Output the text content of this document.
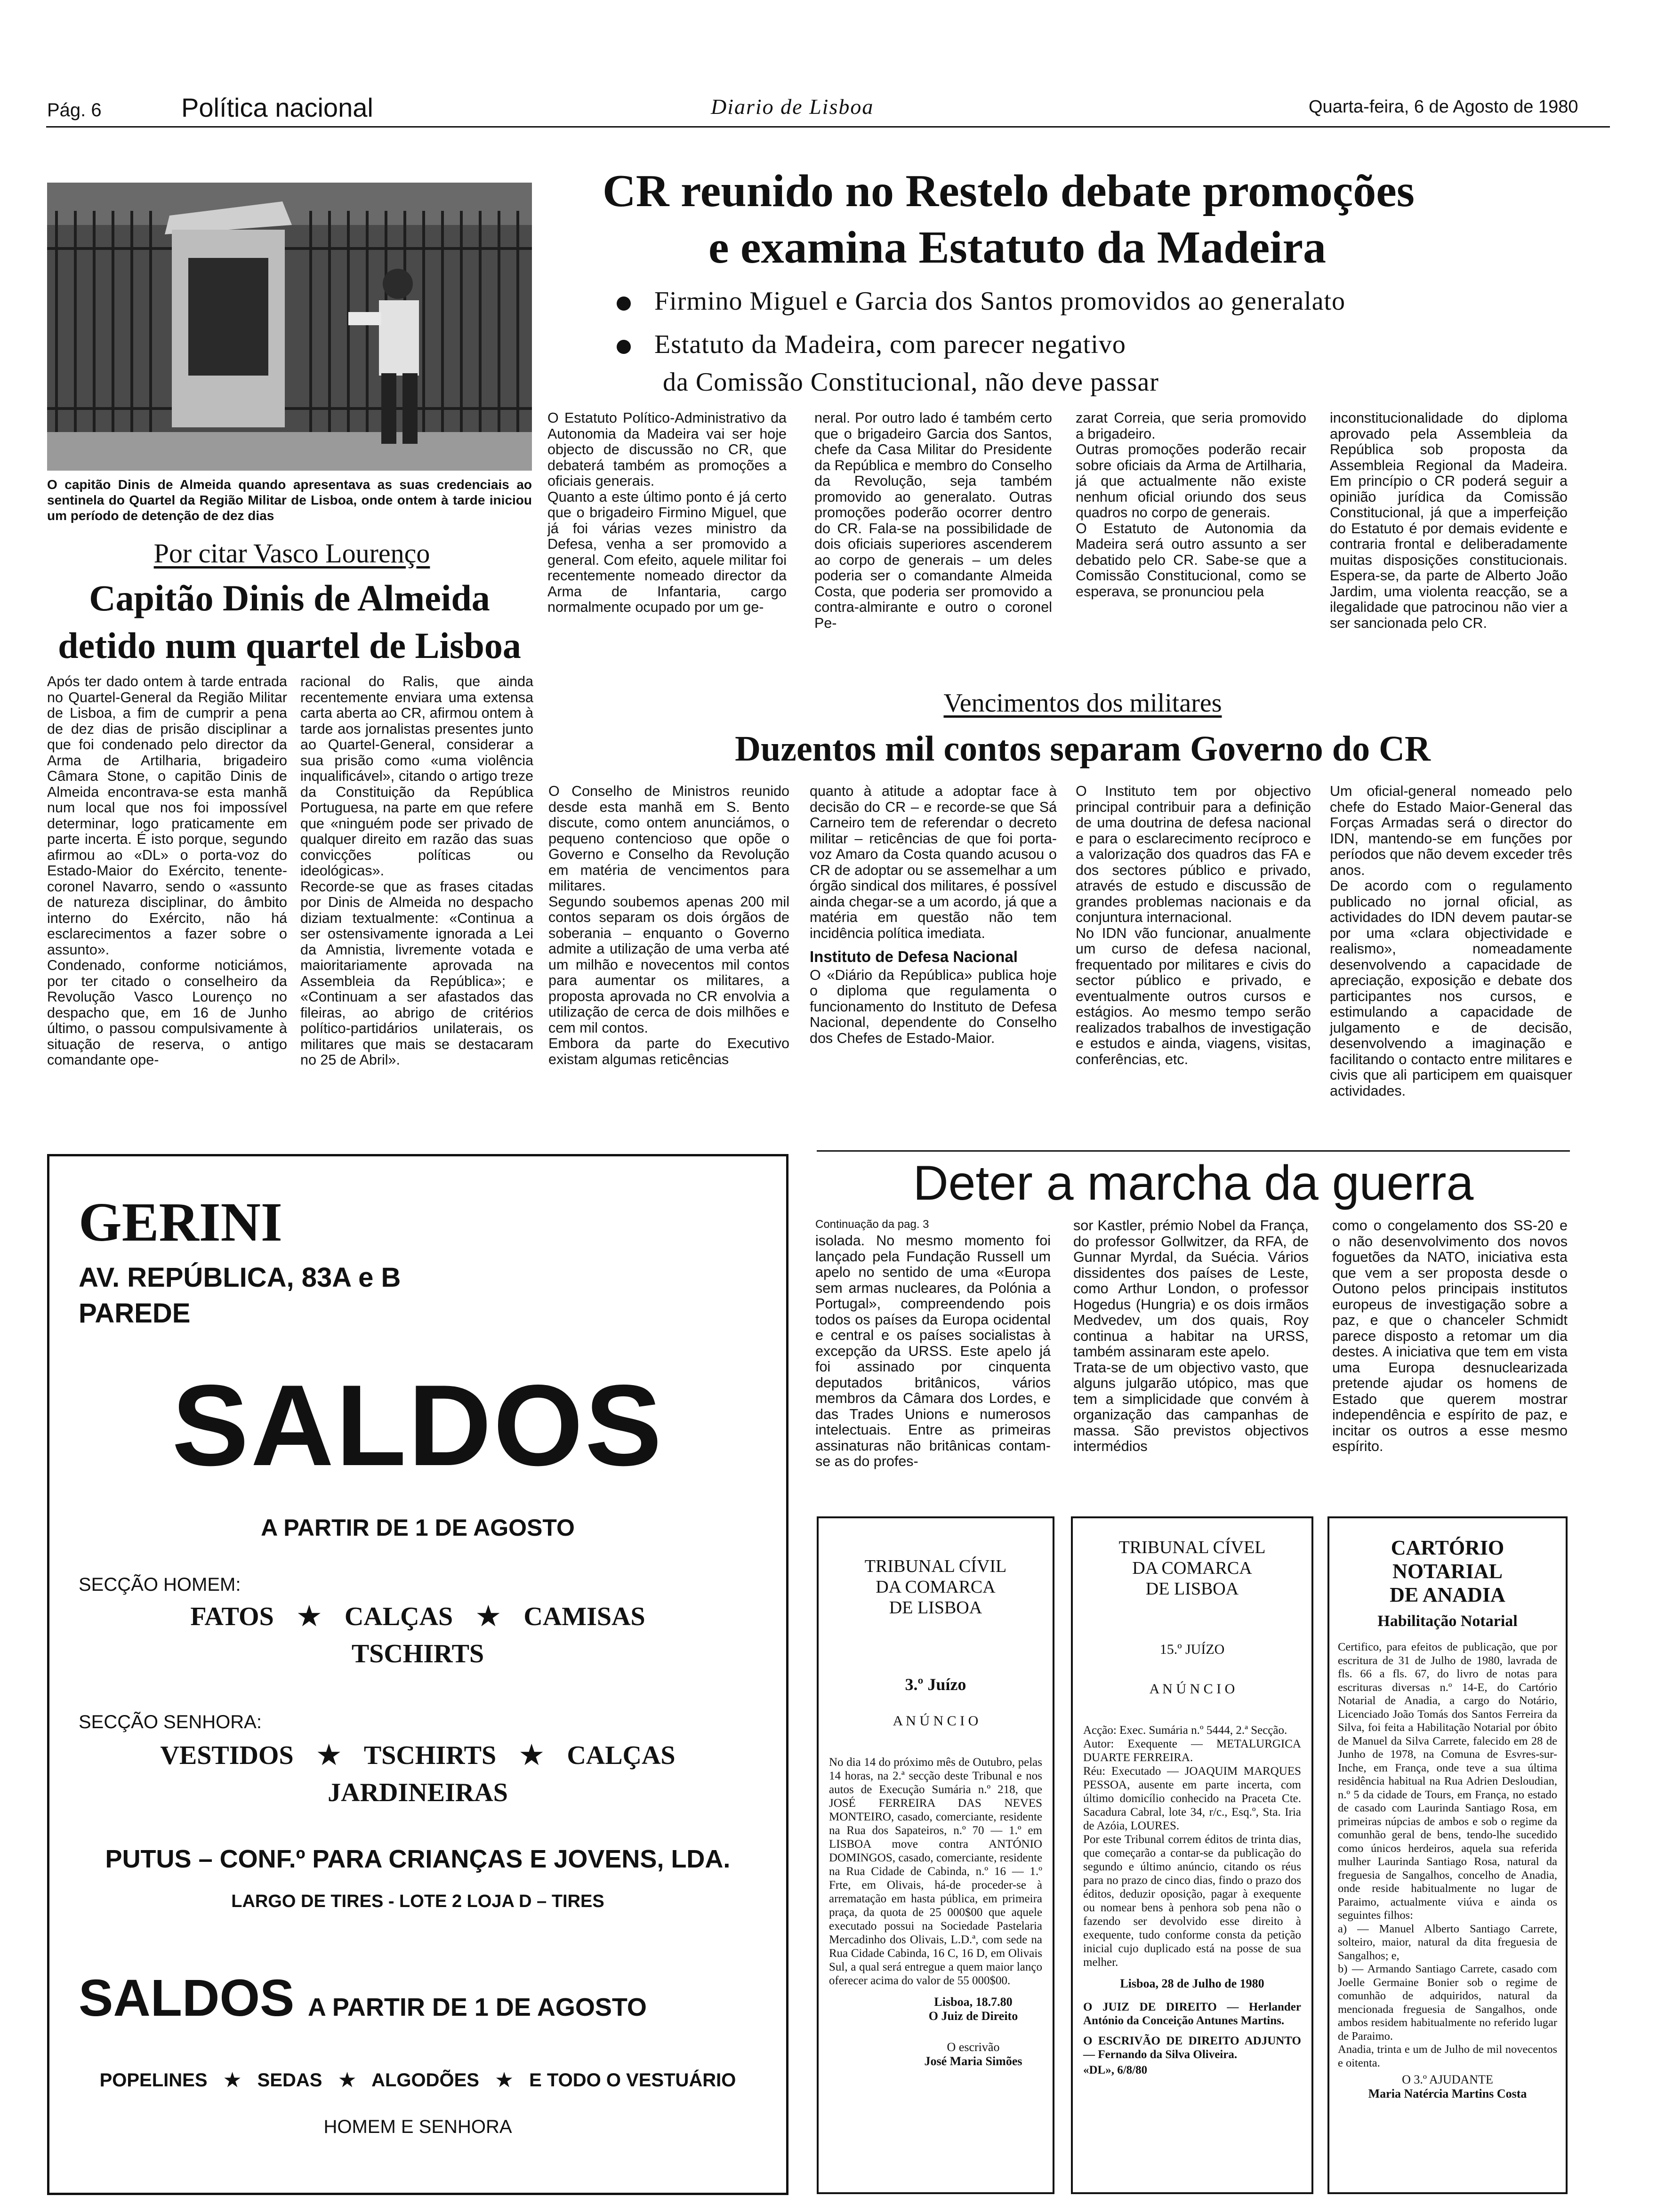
Pág. 6	Política nacional	Diario de Lisboa	Quarta-feira, 6 de Agosto de 1980
O capitão Dinis de Almeida quando apresentava as suas credenciais ao sentinela do Quartel da Região Militar de Lisboa, onde ontem à tarde iniciou um período de detenção de dez dias
Por citar Vasco Lourenço
Capitão Dinis de Almeida
detido num quartel de Lisboa
Após ter dado ontem à tarde entrada no Quartel-General da Região Militar de Lisboa, a fim de cumprir a pena de dez dias de prisão disciplinar a que foi condenado pelo director da Arma de Artilharia, brigadeiro Câmara Stone, o capitão Dinis de Almeida encontrava-se esta manhã num local que nos foi impossível determinar, logo praticamente em parte incerta. É isto porque, segundo afirmou ao «DL» o porta-voz do Estado-Maior do Exército, tenente-coronel Navarro, sendo o «assunto de natureza disciplinar, do âmbito interno do Exército, não há esclarecimentos a fazer sobre o assunto».
Condenado, conforme noticiámos, por ter citado o conselheiro da Revolução Vasco Lourenço no despacho que, em 16 de Junho último, o passou compulsivamente à situação de reserva, o antigo comandante ope-
racional do Ralis, que ainda recentemente enviara uma extensa carta aberta ao CR, afirmou ontem à tarde aos jornalistas presentes junto ao Quartel-General, considerar a sua prisão como «uma violência inqualificável», citando o artigo treze da Constituição da República Portuguesa, na parte em que refere que «ninguém pode ser privado de qualquer direito em razão das suas convicções políticas ou ideológicas».
Recorde-se que as frases citadas por Dinis de Almeida no despacho diziam textualmente: «Continua a ser ostensivamente ignorada a Lei da Amnistia, livremente votada e maioritariamente aprovada na Assembleia da República»; e «Continuam a ser afastados das fileiras, ao abrigo de critérios político-partidários unilaterais, os militares que mais se destacaram no 25 de Abril».
CR reunido no Restelo debate promoções
e examina Estatuto da Madeira
Firmino Miguel e Garcia dos Santos promovidos ao generalato
Estatuto da Madeira, com parecer negativo
da Comissão Constitucional, não deve passar
O Estatuto Político-Administrativo da Autonomia da Madeira vai ser hoje objecto de discussão no CR, que debaterá também as promoções a oficiais generais.
Quanto a este último ponto é já certo que o brigadeiro Firmino Miguel, que já foi várias vezes ministro da Defesa, venha a ser promovido a general. Com efeito, aquele militar foi recentemente nomeado director da Arma de Infantaria, cargo normalmente ocupado por um ge-
neral. Por outro lado é também certo que o brigadeiro Garcia dos Santos, chefe da Casa Militar do Presidente da República e membro do Conselho da Revolução, seja também promovido ao generalato. Outras promoções poderão ocorrer dentro do CR. Fala-se na possibilidade de dois oficiais superiores ascenderem ao corpo de generais – um deles poderia ser o comandante Almeida Costa, que poderia ser promovido a contra-almirante e outro o coronel Pe-
zarat Correia, que seria promovido a brigadeiro.
Outras promoções poderão recair sobre oficiais da Arma de Artilharia, já que actualmente não existe nenhum oficial oriundo dos seus quadros no corpo de generais.
O Estatuto de Autonomia da Madeira será outro assunto a ser debatido pelo CR. Sabe-se que a Comissão Constitucional, como se esperava, se pronunciou pela
inconstitucionalidade do diploma aprovado pela Assembleia da República sob proposta da Assembleia Regional da Madeira. Em princípio o CR poderá seguir a opinião jurídica da Comissão Constitucional, já que a imperfeição do Estatuto é por demais evidente e contraria frontal e deliberadamente muitas disposições constitucionais. Espera-se, da parte de Alberto João Jardim, uma violenta reacção, se a ilegalidade que patrocinou não vier a ser sancionada pelo CR.
Vencimentos dos militares
Duzentos mil contos separam Governo do CR
O Conselho de Ministros reunido desde esta manhã em S. Bento discute, como ontem anunciámos, o pequeno contencioso que opõe o Governo e Conselho da Revolução em matéria de vencimentos para militares.
Segundo soubemos apenas 200 mil contos separam os dois órgãos de soberania – enquanto o Governo admite a utilização de uma verba até um milhão e novecentos mil contos para aumentar os militares, a proposta aprovada no CR envolvia a utilização de cerca de dois milhões e cem mil contos.
Embora da parte do Executivo existam algumas reticências
quanto à atitude a adoptar face à decisão do CR – e recorde-se que Sá Carneiro tem de referendar o decreto militar – reticências de que foi porta-voz Amaro da Costa quando acusou o CR de adoptar ou se assemelhar a um órgão sindical dos militares, é possível ainda chegar-se a um acordo, já que a matéria em questão não tem incidência política imediata.
Instituto de Defesa Nacional
O «Diário da República» publica hoje o diploma que regulamenta o funcionamento do Instituto de Defesa Nacional, dependente do Conselho dos Chefes de Estado-Maior.
O Instituto tem por objectivo principal contribuir para a definição de uma doutrina de defesa nacional e para o esclarecimento recíproco e a valorização dos quadros das FA e dos sectores público e privado, através de estudo e discussão de grandes problemas nacionais e da conjuntura internacional.
No IDN vão funcionar, anualmente um curso de defesa nacional, frequentado por militares e civis do sector público e privado, e eventualmente outros cursos e estágios. Ao mesmo tempo serão realizados trabalhos de investigação e estudos e ainda, viagens, visitas, conferências, etc.
Um oficial-general nomeado pelo chefe do Estado Maior-General das Forças Armadas será o director do IDN, mantendo-se em funções por períodos que não devem exceder três anos.
De acordo com o regulamento publicado no jornal oficial, as actividades do IDN devem pautar-se por uma «clara objectividade e realismo», nomeadamente desenvolvendo a capacidade de apreciação, exposição e debate dos participantes nos cursos, e estimulando a capacidade de julgamento e de decisão, desenvolvendo a imaginação e facilitando o contacto entre militares e civis que ali participem em quaisquer actividades.
GERINI
AV. REPÚBLICA, 83A e B
PAREDE
SALDOS
A PARTIR DE 1 DE AGOSTO
SECÇÃO HOMEM:
FATOS ★ CALÇAS ★ CAMISAS
TSCHIRTS
SECÇÃO SENHORA:
VESTIDOS ★ TSCHIRTS ★ CALÇAS
JARDINEIRAS
PUTUS – CONF.º PARA CRIANÇAS E JOVENS, LDA.
LARGO DE TIRES - LOTE 2 LOJA D – TIRES
SALDOS A PARTIR DE 1 DE AGOSTO
POPELINES ★ SEDAS ★ ALGODÕES ★ E TODO O VESTUÁRIO
HOMEM E SENHORA
Deter a marcha da guerra
Continuação da pag. 3
isolada. No mesmo momento foi lançado pela Fundação Russell um apelo no sentido de uma «Europa sem armas nucleares, da Polónia a Portugal», compreendendo pois todos os países da Europa ocidental e central e os países socialistas à excepção da URSS. Este apelo já foi assinado por cinquenta deputados britânicos, vários membros da Câmara dos Lordes, e das Trades Unions e numerosos intelectuais. Entre as primeiras assinaturas não britânicas contam-se as do profes-
sor Kastler, prémio Nobel da França, do professor Gollwitzer, da RFA, de Gunnar Myrdal, da Suécia. Vários dissidentes dos países de Leste, como Arthur London, o professor Hogedus (Hungria) e os dois irmãos Medvedev, um dos quais, Roy continua a habitar na URSS, também assinaram este apelo.
Trata-se de um objectivo vasto, que alguns julgarão utópico, mas que tem a simplicidade que convém à organização das campanhas de massa. São previstos objectivos intermédios
como o congelamento dos SS-20 e o não desenvolvimento dos novos foguetões da NATO, iniciativa esta que vem a ser proposta desde o Outono pelos principais institutos europeus de investigação sobre a paz, e que o chanceler Schmidt parece disposto a retomar um dia destes. A iniciativa que tem em vista uma Europa desnuclearizada pretende ajudar os homens de Estado que querem mostrar independência e espírito de paz, e incitar os outros a esse mesmo espírito.
TRIBUNAL CÍVIL
DA COMARCA
DE LISBOA
3.º Juízo
A N Ú N C I O
No dia 14 do próximo mês de Outubro, pelas 14 horas, na 2.ª secção deste Tribunal e nos autos de Execução Sumária n.º 218, que JOSÉ FERREIRA DAS NEVES MONTEIRO, casado, comerciante, residente na Rua dos Sapateiros, n.º 70 — 1.º em LISBOA move contra ANTÓNIO DOMINGOS, casado, comerciante, residente na Rua Cidade de Cabinda, n.º 16 — 1.º Frte, em Olivais, há-de proceder-se à arrematação em hasta pública, em primeira praça, da quota de 25 000$00 que aquele executado possui na Sociedade Pastelaria Mercadinho dos Olivais, L.D.ª, com sede na Rua Cidade Cabinda, 16 C, 16 D, em Olivais Sul, a qual será entregue a quem maior lanço oferecer acima do valor de 55 000$00.
Lisboa, 18.7.80
O Juiz de Direito
O escrivão
José Maria Simões
TRIBUNAL CÍVEL
DA COMARCA
DE LISBOA
15.º JUÍZO
A N Ú N C I O
Acção: Exec. Sumária n.º 5444, 2.ª Secção.
Autor: Exequente — METALURGICA DUARTE FERREIRA.
Réu: Executado — JOAQUIM MARQUES PESSOA, ausente em parte incerta, com último domicílio conhecido na Praceta Cte. Sacadura Cabral, lote 34, r/c., Esq.º, Sta. Iria de Azóia, LOURES.
Por este Tribunal correm éditos de trinta dias, que começarão a contar-se da publicação do segundo e último anúncio, citando os réus para no prazo de cinco dias, findo o prazo dos éditos, deduzir oposição, pagar à exequente ou nomear bens à penhora sob pena não o fazendo ser devolvido esse direito à exequente, tudo conforme consta da petição inicial cujo duplicado está na posse de sua melher.
Lisboa, 28 de Julho de 1980
O JUIZ DE DIREITO — Herlander António da Conceição Antunes Martins.
O ESCRIVÃO DE DIREITO ADJUNTO — Fernando da Silva Oliveira.
«DL», 6/8/80
CARTÓRIO
NOTARIAL
DE ANADIA
Habilitação Notarial
Certifico, para efeitos de publicação, que por escritura de 31 de Julho de 1980, lavrada de fls. 66 a fls. 67, do livro de notas para escrituras diversas n.º 14-E, do Cartório Notarial de Anadia, a cargo do Notário, Licenciado João Tomás dos Santos Ferreira da Silva, foi feita a Habilitação Notarial por óbito de Manuel da Silva Carrete, falecido em 28 de Junho de 1978, na Comuna de Esvres-sur-Inche, em França, onde teve a sua última residência habitual na Rua Adrien Desloudian, n.º 5 da cidade de Tours, em França, no estado de casado com Laurinda Santiago Rosa, em primeiras núpcias de ambos e sob o regime da comunhão geral de bens, tendo-lhe sucedido como únicos herdeiros, aquela sua referida mulher Laurinda Santiago Rosa, natural da freguesia de Sangalhos, concelho de Anadia, onde reside habitualmente no lugar de Paraimo, actualmente viúva e ainda os seguintes filhos:
a) — Manuel Alberto Santiago Carrete, solteiro, maior, natural da dita freguesia de Sangalhos; e,
b) — Armando Santiago Carrete, casado com Joelle Germaine Bonier sob o regime de comunhão de adquiridos, natural da mencionada freguesia de Sangalhos, onde ambos residem habitualmente no referido lugar de Paraimo.
Anadia, trinta e um de Julho de mil novecentos e oitenta.
O 3.º AJUDANTE
Maria Natércia Martins Costa
